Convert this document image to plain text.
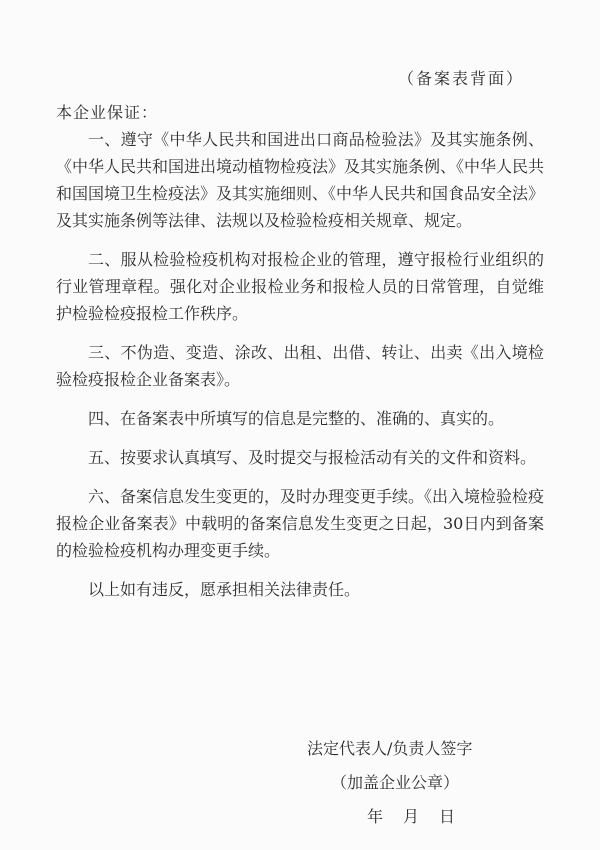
（备案表背面）
本企业保证：

一、遵守《中华人民共和国进出口商品检验法》及其实施条例、《中华人民共和国进出境动植物检疫法》及其实施条例、《中华人民共和国国境卫生检疫法》及其实施细则、《中华人民共和国食品安全法》及其实施条例等法律、法规以及检验检疫相关规章、规定。

二、服从检验检疫机构对报检企业的管理，遵守报检行业组织的行业管理章程。强化对企业报检业务和报检人员的日常管理，自觉维护检验检疫报检工作秩序。

三、不伪造、变造、涂改、出租、出借、转让、出卖《出入境检验检疫报检企业备案表》。

四、在备案表中所填写的信息是完整的、准确的、真实的。

五、按要求认真填写、及时提交与报检活动有关的文件和资料。

六、备案信息发生变更的，及时办理变更手续。《出入境检验检疫报检企业备案表》中载明的备案信息发生变更之日起，30日内到备案的检验检疫机构办理变更手续。

以上如有违反，愿承担相关法律责任。

法定代表人/负责人签字
（加盖企业公章）
年月日
